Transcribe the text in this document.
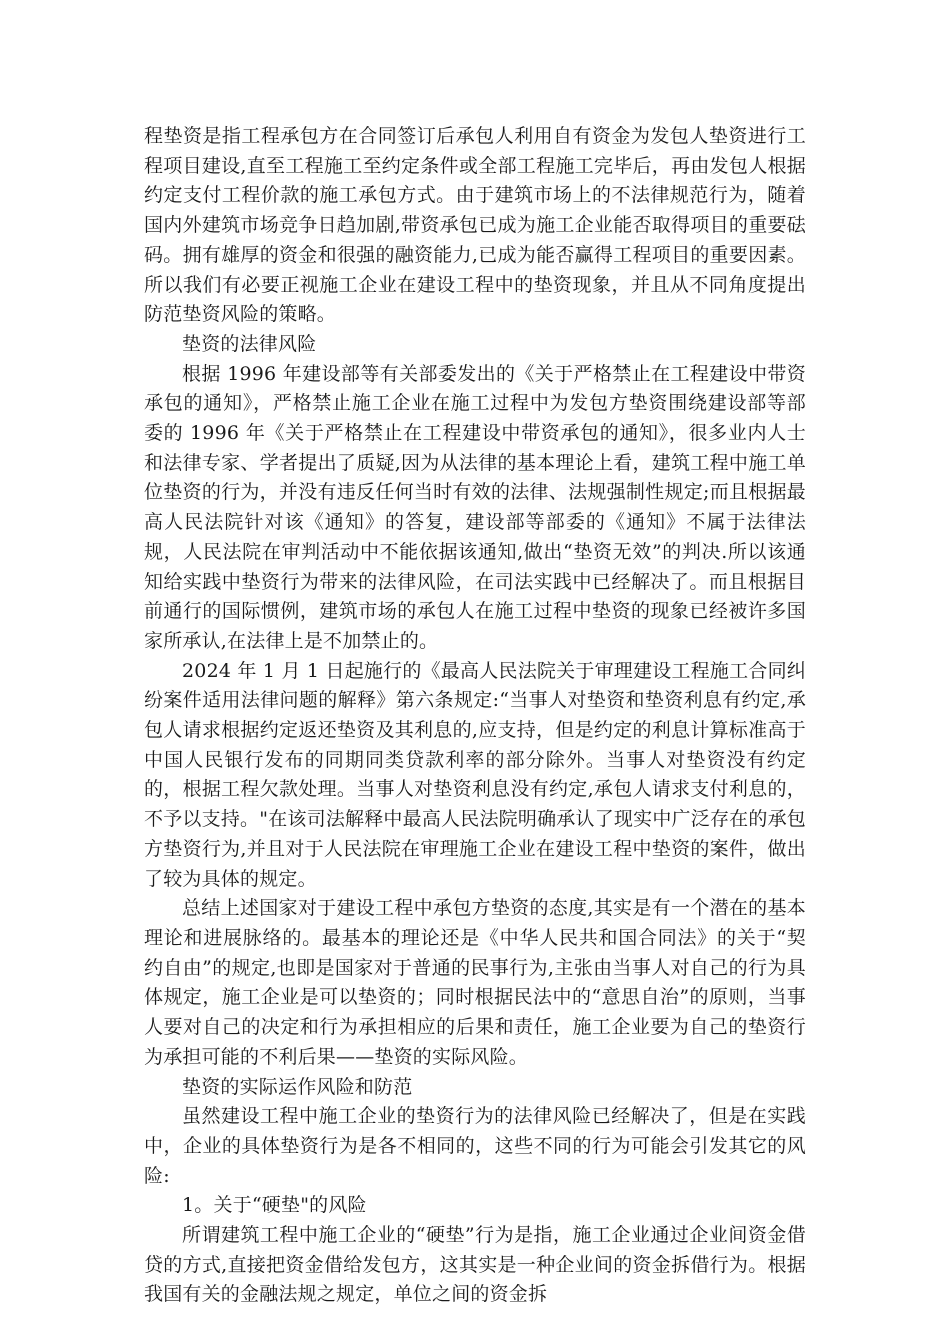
程垫资是指工程承包方在合同签订后承包人利用自有资金为发包人垫资进行工程项目建设,直至工程施工至约定条件或全部工程施工完毕后，再由发包人根据约定支付工程价款的施工承包方式。由于建筑市场上的不法律规范行为，随着国内外建筑市场竞争日趋加剧,带资承包已成为施工企业能否取得项目的重要砝码。拥有雄厚的资金和很强的融资能力,已成为能否赢得工程项目的重要因素。所以我们有必要正视施工企业在建设工程中的垫资现象，并且从不同角度提出防范垫资风险的策略。

垫资的法律风险

根据 1996 年建设部等有关部委发出的《关于严格禁止在工程建设中带资承包的通知》，严格禁止施工企业在施工过程中为发包方垫资围绕建设部等部委的 1996 年《关于严格禁止在工程建设中带资承包的通知》，很多业内人士和法律专家、学者提出了质疑,因为从法律的基本理论上看，建筑工程中施工单位垫资的行为，并没有违反任何当时有效的法律、法规强制性规定;而且根据最高人民法院针对该《通知》的答复，建设部等部委的《通知》不属于法律法规，人民法院在审判活动中不能依据该通知,做出“垫资无效”的判决.所以该通知给实践中垫资行为带来的法律风险，在司法实践中已经解决了。而且根据目前通行的国际惯例，建筑市场的承包人在施工过程中垫资的现象已经被许多国家所承认,在法律上是不加禁止的。

2024 年 1 月 1 日起施行的《最高人民法院关于审理建设工程施工合同纠纷案件适用法律问题的解释》第六条规定:“当事人对垫资和垫资利息有约定,承包人请求根据约定返还垫资及其利息的,应支持，但是约定的利息计算标准高于中国人民银行发布的同期同类贷款利率的部分除外。当事人对垫资没有约定的，根据工程欠款处理。当事人对垫资利息没有约定,承包人请求支付利息的，不予以支持。"在该司法解释中最高人民法院明确承认了现实中广泛存在的承包方垫资行为,并且对于人民法院在审理施工企业在建设工程中垫资的案件，做出了较为具体的规定。

总结上述国家对于建设工程中承包方垫资的态度,其实是有一个潜在的基本理论和进展脉络的。最基本的理论还是《中华人民共和国合同法》的关于“契约自由”的规定,也即是国家对于普通的民事行为,主张由当事人对自己的行为具体规定，施工企业是可以垫资的；同时根据民法中的“意思自治”的原则，当事人要对自己的决定和行为承担相应的后果和责任，施工企业要为自己的垫资行为承担可能的不利后果——垫资的实际风险。

垫资的实际运作风险和防范

虽然建设工程中施工企业的垫资行为的法律风险已经解决了，但是在实践中，企业的具体垫资行为是各不相同的，这些不同的行为可能会引发其它的风险:

1。关于“硬垫"的风险

所谓建筑工程中施工企业的“硬垫”行为是指，施工企业通过企业间资金借贷的方式,直接把资金借给发包方，这其实是一种企业间的资金拆借行为。根据我国有关的金融法规之规定，单位之间的资金拆
